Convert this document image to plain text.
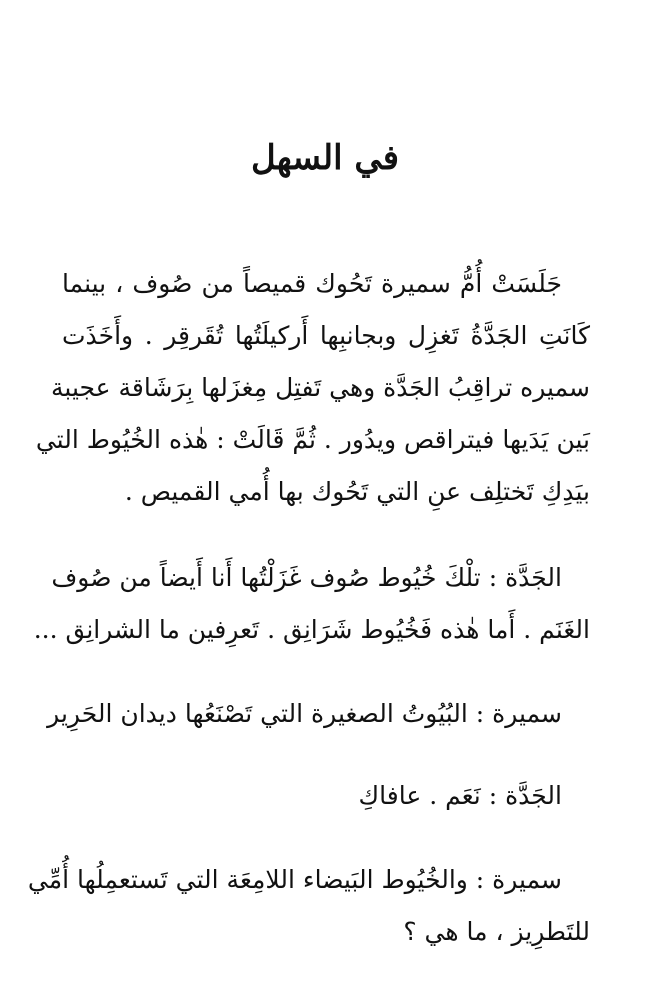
في السهل
جَلَسَتْ أُمُّ سميرة تَحُوك قميصاً من صُوف ، بينما
كَانَتِ الجَدَّةُ تَغزِل وبجانبِها أَركيلَتُها تُقَرقِر . وأَخَذَت
سميره تراقِبُ الجَدَّة وهي تَفتِل مِغزَلها بِرَشَاقة عجيبة
بَين يَدَيها فيتراقص ويدُور . ثُمَّ قَالَتْ : هٰذه الخُيُوط التي
بيَدِكِ تَختلِف عنِ التي تَحُوك بها أُمي القميص .
الجَدَّة : تلْكَ خُيُوط صُوف غَزَلْتُها أَنا أَيضاً من صُوف
الغَنَم . أَما هٰذه فَخُيُوط شَرَانِق . تَعرِفين ما الشرانِق ...
سميرة : البُيُوتُ الصغيرة التي تَصْنَعُها ديدان الحَرِير
الجَدَّة : نَعَم . عافاكِ
سميرة : والخُيُوط البَيضاء اللامِعَة التي تَستعمِلُها أُمِّي
للتَطرِيز ، ما هي ؟
